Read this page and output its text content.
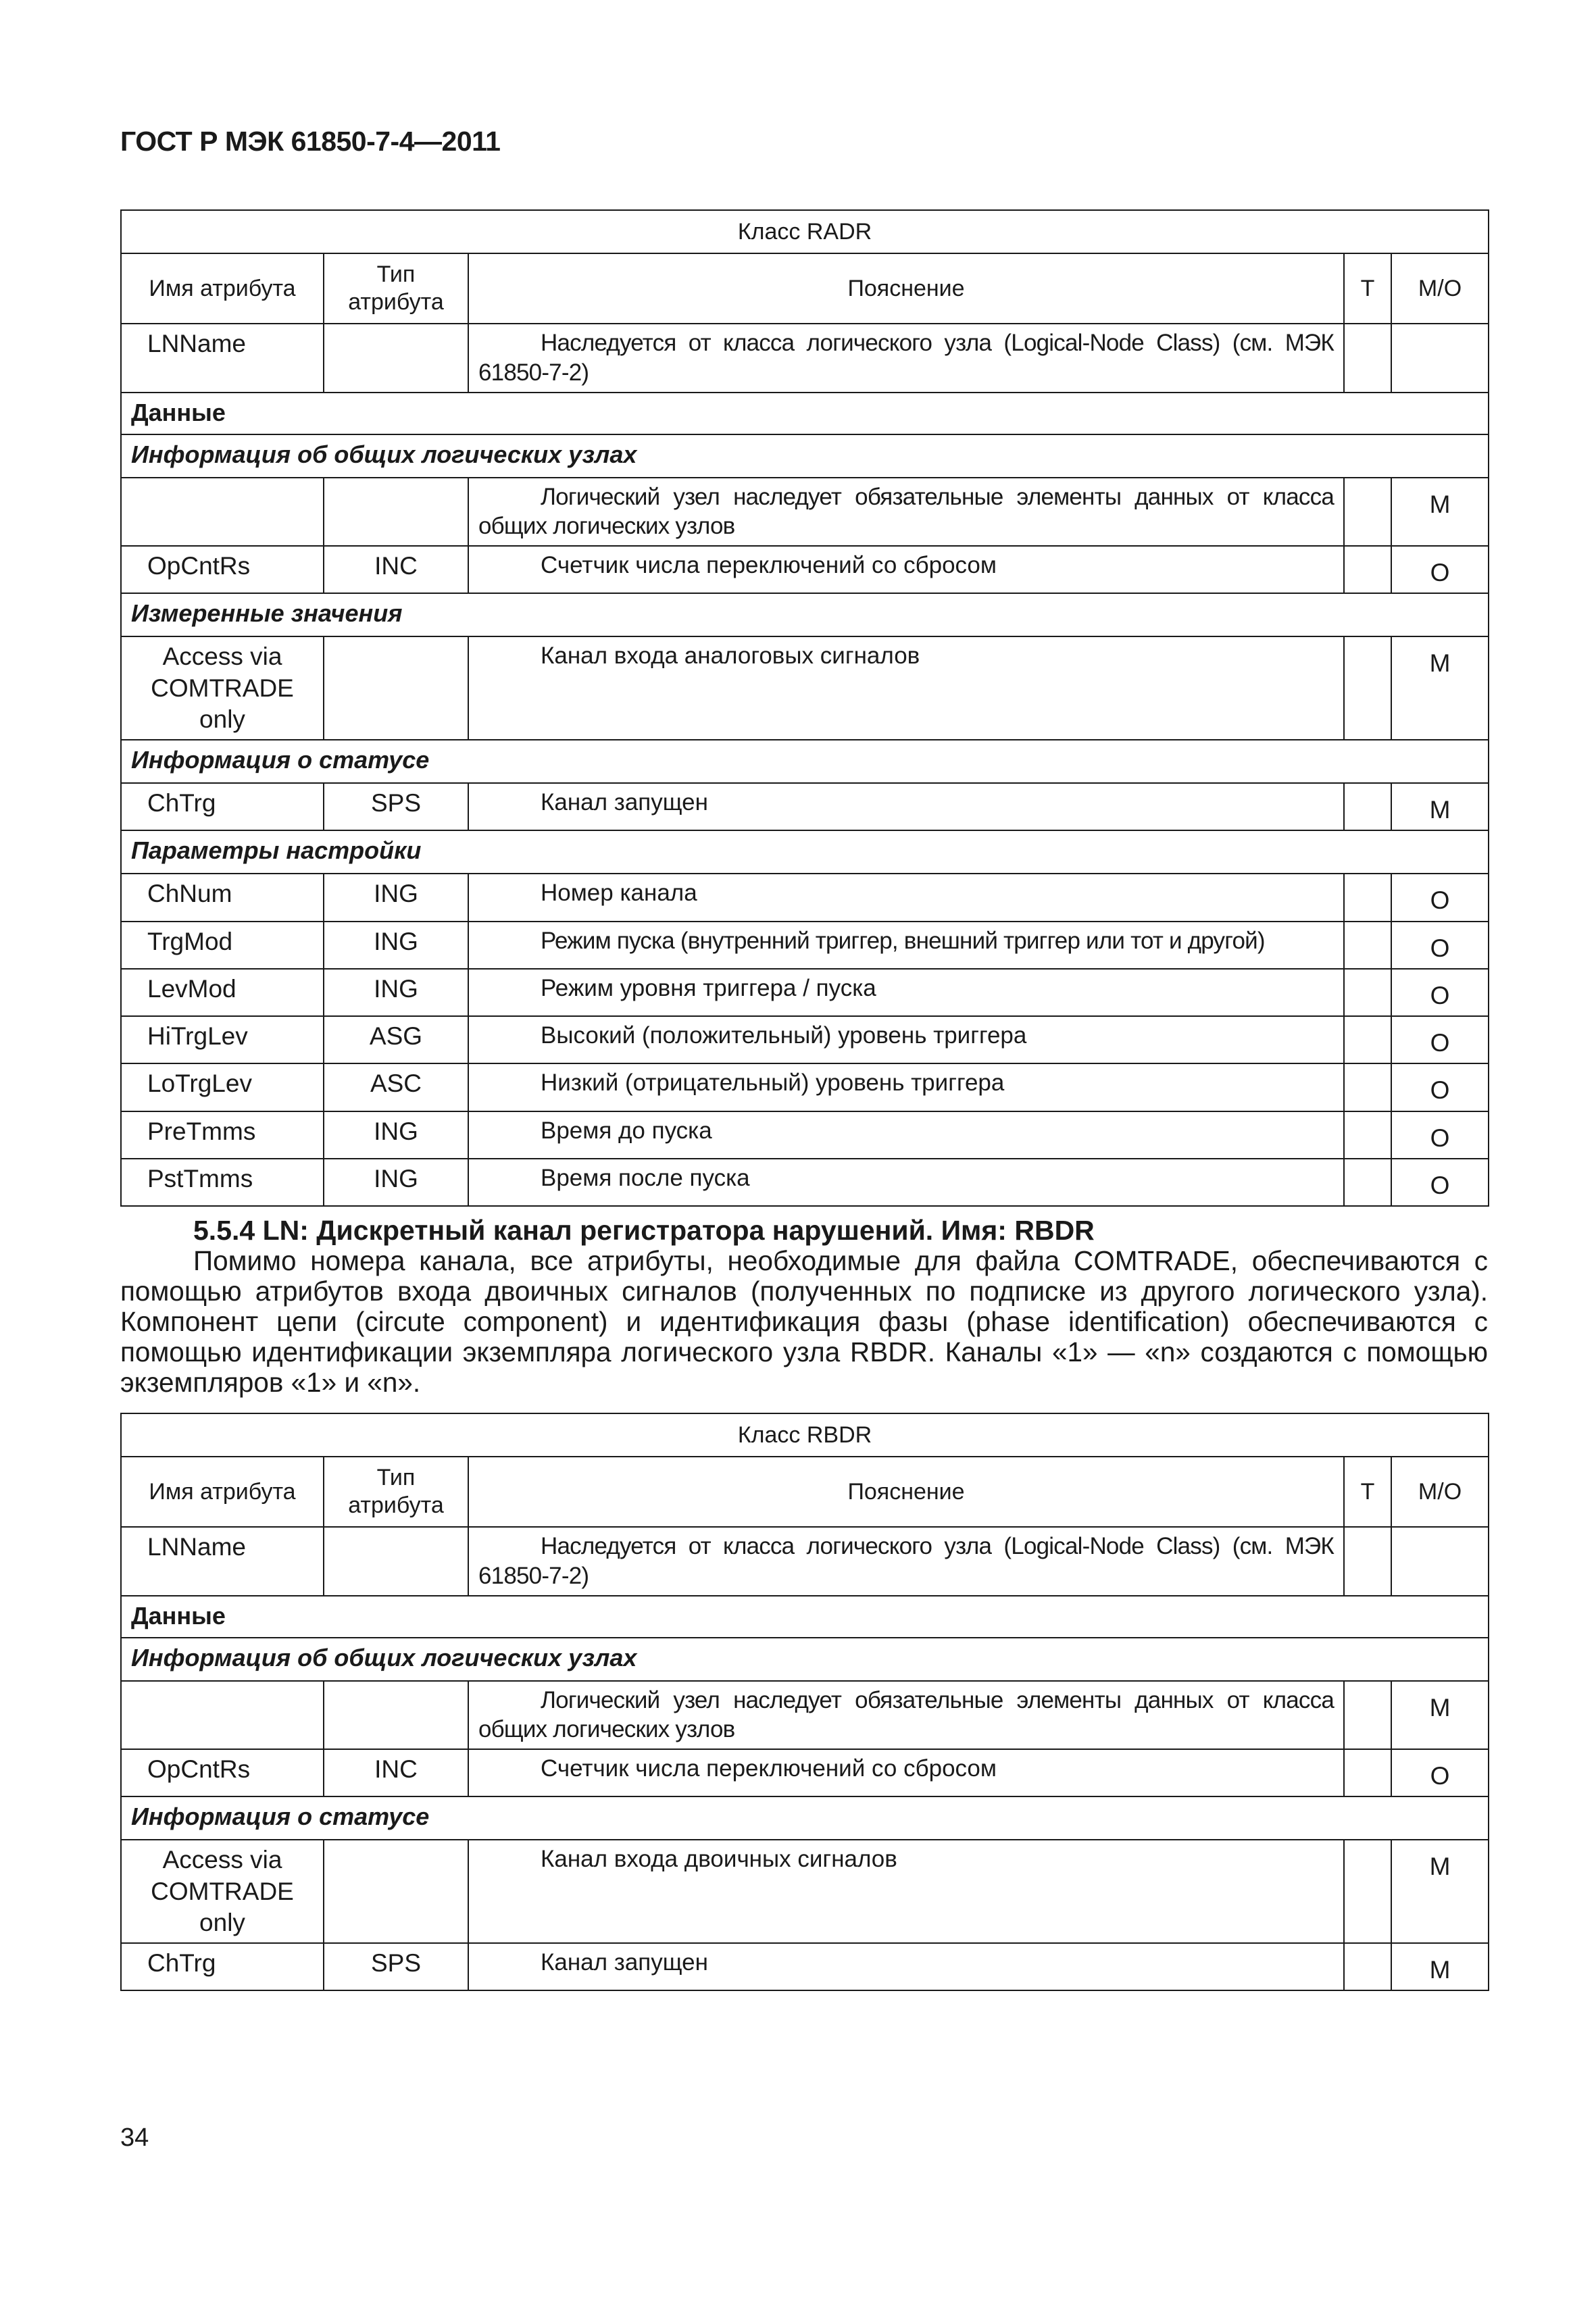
ГОСТ Р МЭК 61850-7-4—2011
Класс RADR				
Имя атрибута	Тип атрибута	Пояснение	Т	M/O
LNName		Наследуется от класса логического узла (Logical-Node Class) (см. МЭК 61850-7-2)		
Данные				
Информация об общих логических узлах				
		Логический узел наследует обязательные элементы данных от класса общих логических узлов		M
OpCntRs	INC	Счетчик числа переключений со сбросом		O
Измеренные значения				
Access via COMTRADE only		Канал входа аналоговых сигналов		M
Информация о статусе				
ChTrg	SPS	Канал запущен		M
Параметры настройки				
ChNum	ING	Номер канала		O
TrgMod	ING	Режим пуска (внутренний триггер, внешний триггер или тот и другой)		O
LevMod	ING	Режим уровня триггера / пуска		O
HiTrgLev	ASG	Высокий (положительный) уровень триггера		O
LoTrgLev	ASC	Низкий (отрицательный) уровень триггера		O
PreTmms	ING	Время до пуска		O
PstTmms	ING	Время после пуска		O
5.5.4 LN: Дискретный канал регистратора нарушений. Имя: RBDR
Помимо номера канала, все атрибуты, необходимые для файла COMTRADE, обеспечиваются с помощью атрибутов входа двоичных сигналов (полученных по подписке из другого логического узла). Компонент цепи (circute component) и идентификация фазы (phase identification) обеспечиваются с помощью идентификации экземпляра логического узла RBDR. Каналы «1» — «n» создаются с помощью экземпляров «1» и «n».
Класс RBDR				
Имя атрибута	Тип атрибута	Пояснение	Т	M/O
LNName		Наследуется от класса логического узла (Logical-Node Class) (см. МЭК 61850-7-2)		
Данные				
Информация об общих логических узлах				
		Логический узел наследует обязательные элементы данных от класса общих логических узлов		M
OpCntRs	INC	Счетчик числа переключений со сбросом		O
Информация о статусе				
Access via COMTRADE only		Канал входа двоичных сигналов		M
ChTrg	SPS	Канал запущен		M
34
